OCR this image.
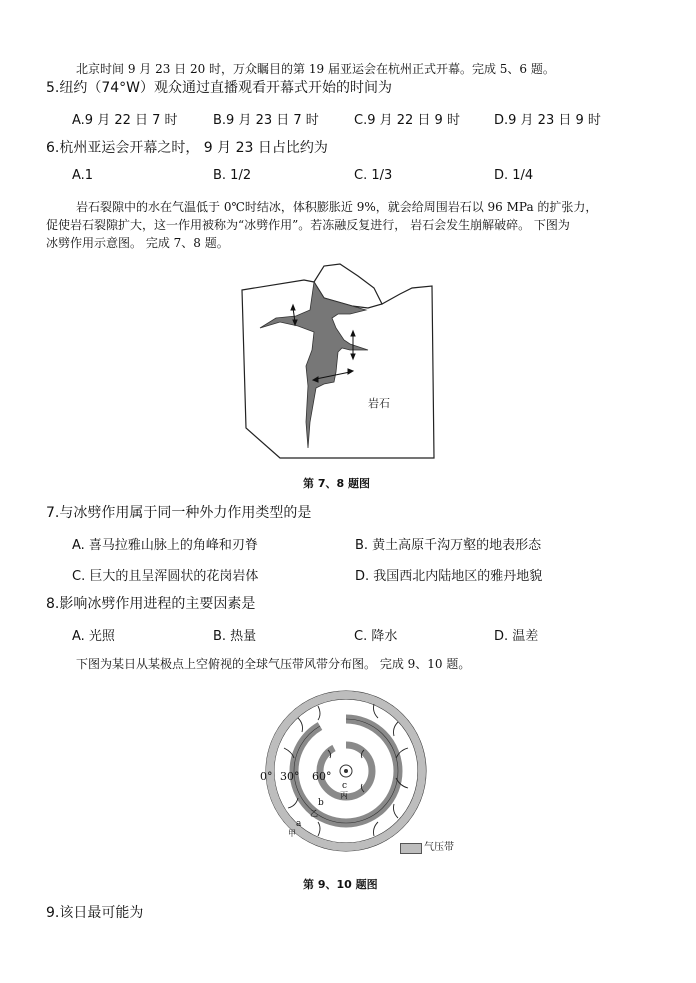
北京时间 9 月 23 日 20 时，万众瞩目的第 19 届亚运会在杭州正式开幕。完成 5、6 题。
5.纽约（74°W）观众通过直播观看开幕式开始的时间为
A.9 月 22 日 7 时	B.9 月 23 日 7 时	C.9 月 22 日 9 时	D.9 月 23 日 9 时
6.杭州亚运会开幕之时， 9 月 23 日占比约为
A.1	B. 1/2	C. 1/3	D. 1/4
岩石裂隙中的水在气温低于 0℃时结冰，体积膨胀近 9%，就会给周围岩石以 96 MPa 的扩张力，
促使岩石裂隙扩大，这一作用被称为“冰劈作用”。若冻融反复进行， 岩石会发生崩解破碎。 下图为
冰劈作用示意图。 完成 7、8 题。
岩石
第 7、8 题图
7.与冰劈作用属于同一种外力作用类型的是
A. 喜马拉雅山脉上的角峰和刃脊	B. 黄土高原千沟万壑的地表形态
C. 巨大的且呈浑圆状的花岗岩体	D. 我国西北内陆地区的雅丹地貌
8.影响冰劈作用进程的主要因素是
A. 光照	B. 热量	C. 降水	D. 温差
下图为某日从某极点上空俯视的全球气压带风带分布图。 完成 9、10 题。
0° 30° 60°
c
丙
b
乙
a
甲
气压带
第 9、10 题图
9.该日最可能为
